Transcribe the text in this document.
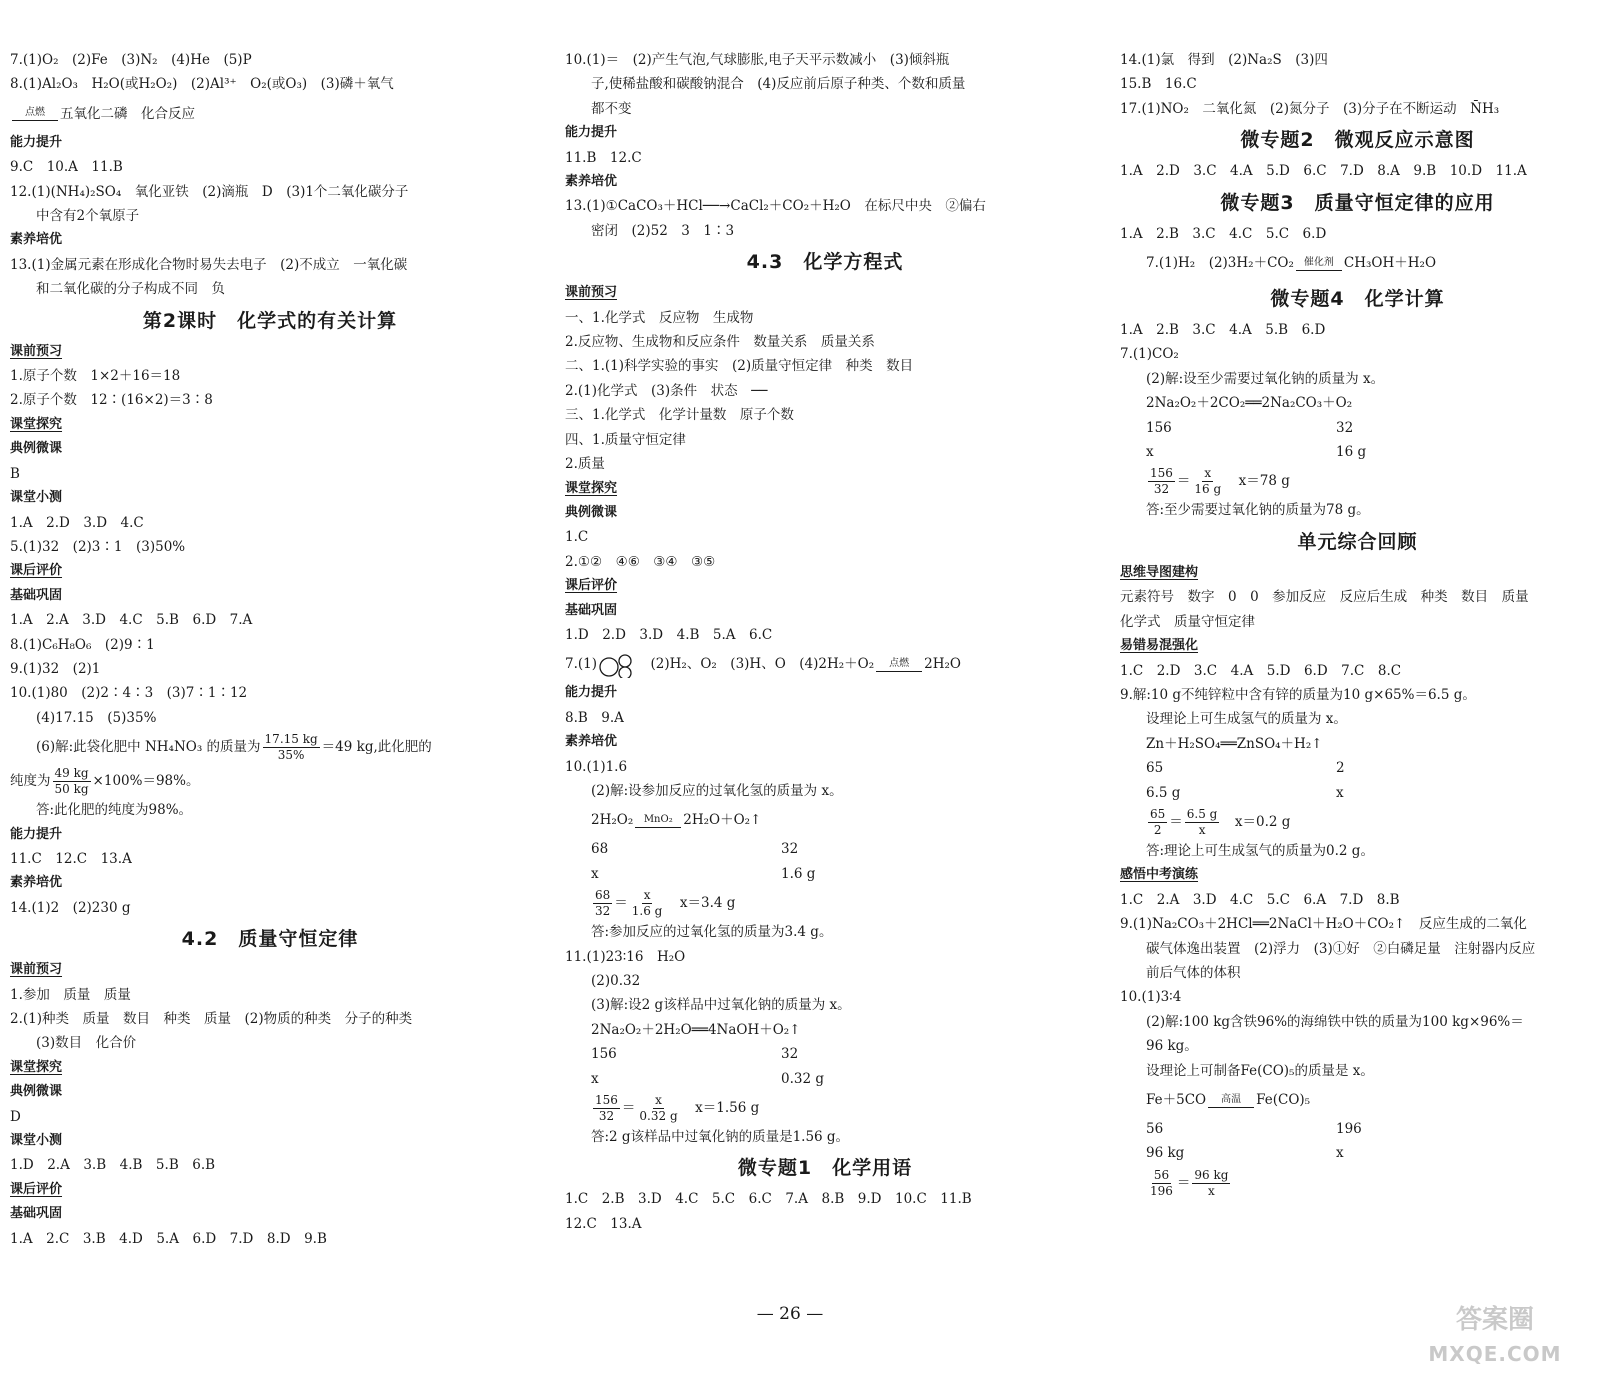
7.(1)O₂　(2)Fe　(3)N₂　(4)He　(5)P
8.(1)Al₂O₃　H₂O(或H₂O₂)　(2)Al³⁺　O₂(或O₃)　(3)磷＋氧气
点燃 五氧化二磷　化合反应
能力提升
9.C　10.A　11.B
12.(1)(NH₄)₂SO₄　氧化亚铁　(2)滴瓶　D　(3)1个二氧化碳分子
中含有2个氧原子
素养培优
13.(1)金属元素在形成化合物时易失去电子　(2)不成立　一氧化碳
和二氧化碳的分子构成不同　负
第2课时　化学式的有关计算
课前预习
1.原子个数　1×2＋16＝18
2.原子个数　12∶(16×2)＝3∶8
课堂探究
典例微课
B
课堂小测
1.A　2.D　3.D　4.C
5.(1)32　(2)3∶1　(3)50%
课后评价
基础巩固
1.A　2.A　3.D　4.C　5.B　6.D　7.A
8.(1)C₆H₈O₆　(2)9∶1
9.(1)32　(2)1
10.(1)80　(2)2∶4∶3　(3)7∶1∶12
(4)17.15　(5)35%
(6)解:此袋化肥中 NH₄NO₃ 的质量为 $\frac{17.15 kg}{35\%} =49$ kg,此化肥的
纯度为 $\frac{49 kg}{50 kg} \times 100\%=98\%$。
答:此化肥的纯度为98%。
能力提升
11.C　12.C　13.A
素养培优
14.(1)2　(2)230 g
4.2　质量守恒定律
课前预习
1.参加　质量　质量
2.(1)种类　质量　数目　种类　质量　(2)物质的种类　分子的种类
(3)数目　化合价
课堂探究
典例微课
D
课堂小测
1.D　2.A　3.B　4.B　5.B　6.B
课后评价
基础巩固
1.A　2.C　3.B　4.D　5.A　6.D　7.D　8.D　9.B
10.(1)＝　(2)产生气泡,气球膨胀,电子天平示数减小　(3)倾斜瓶
子,使稀盐酸和碳酸钠混合　(4)反应前后原子种类、个数和质量
都不变
能力提升
11.B　12.C
素养培优
13.(1)①CaCO₃＋HCl──→CaCl₂＋CO₂＋H₂O　在标尺中央　②偏右
密闭　(2)52　3　1∶3
4.3　化学方程式
课前预习
一、1.化学式　反应物　生成物
2.反应物、生成物和反应条件　数量关系　质量关系
二、1.(1)科学实验的事实　(2)质量守恒定律　种类　数目
2.(1)化学式　(3)条件　状态　──
三、1.化学式　化学计量数　原子个数
四、1.质量守恒定律
2.质量
课堂探究
典例微课
1.C
2.①②　④⑥　③④　③⑤
课后评价
基础巩固
1.D　2.D　3.D　4.B　5.A　6.C
7.(1)	　(2)H₂、O₂　(3)H、O　(4)2H₂＋O₂ 点燃 2H₂O
能力提升
8.B　9.A
素养培优
10.(1)1.6
(2)解:设参加反应的过氧化氢的质量为 x。
2H₂O₂ MnO₂ 2H₂O＋O₂↑
68	32
x	1.6 g
$\frac{68}{32} = \frac{x}{1.6 g}$ 　x＝3.4 g
答:参加反应的过氧化氢的质量为3.4 g。
11.(1)23∶16　H₂O
(2)0.32
(3)解:设2 g该样品中过氧化钠的质量为 x。
2Na₂O₂＋2H₂O══4NaOH＋O₂↑
156	32
x	0.32 g
$\frac{156}{32} = \frac{x}{0.32 g}$ 　x＝1.56 g
答:2 g该样品中过氧化钠的质量是1.56 g。
微专题1　化学用语
1.C　2.B　3.D　4.C　5.C　6.C　7.A　8.B　9.D　10.C　11.B
12.C　13.A
14.(1)氯　得到　(2)Na₂S　(3)四
15.B　16.C
17.(1)NO₂　二氧化氮　(2)氮分子　(3)分子在不断运动　N̄H₃
微专题2　微观反应示意图
1.A　2.D　3.C　4.A　5.D　6.C　7.D　8.A　9.B　10.D　11.A
微专题3　质量守恒定律的应用
1.A　2.B　3.C　4.C　5.C　6.D
7.(1)H₂　(2)3H₂＋CO₂ 催化剂 CH₃OH＋H₂O
微专题4　化学计算
1.A　2.B　3.C　4.A　5.B　6.D
7.(1)CO₂
(2)解:设至少需要过氧化钠的质量为 x。
2Na₂O₂＋2CO₂══2Na₂CO₃＋O₂
156	32
x	16 g
$\frac{156}{32} = \frac{x}{16 g}$ 　x＝78 g
答:至少需要过氧化钠的质量为78 g。
单元综合回顾
思维导图建构
元素符号　数字　0　0　参加反应　反应后生成　种类　数目　质量
化学式　质量守恒定律
易错易混强化
1.C　2.D　3.C　4.A　5.D　6.D　7.C　8.C
9.解:10 g不纯锌粒中含有锌的质量为10 g×65%＝6.5 g。
设理论上可生成氢气的质量为 x。
Zn＋H₂SO₄══ZnSO₄＋H₂↑
65	2
6.5 g	x
$\frac{65}{2} = \frac{6.5 g}{x}$ 　x＝0.2 g
答:理论上可生成氢气的质量为0.2 g。
感悟中考演练
1.C　2.A　3.D　4.C　5.C　6.A　7.D　8.B
9.(1)Na₂CO₃＋2HCl══2NaCl＋H₂O＋CO₂↑　反应生成的二氧化
碳气体逸出装置　(2)浮力　(3)①好　②白磷足量　注射器内反应
前后气体的体积
10.(1)3∶4
(2)解:100 kg含铁96%的海绵铁中铁的质量为100 kg×96%＝
96 kg。
设理论上可制备Fe(CO)₅的质量是 x。
Fe＋5CO 高温 Fe(CO)₅
56	196
96 kg	x
$\frac{56}{196} = \frac{96 kg}{x}$
— 26 —	答案圈
MXQE.COM
